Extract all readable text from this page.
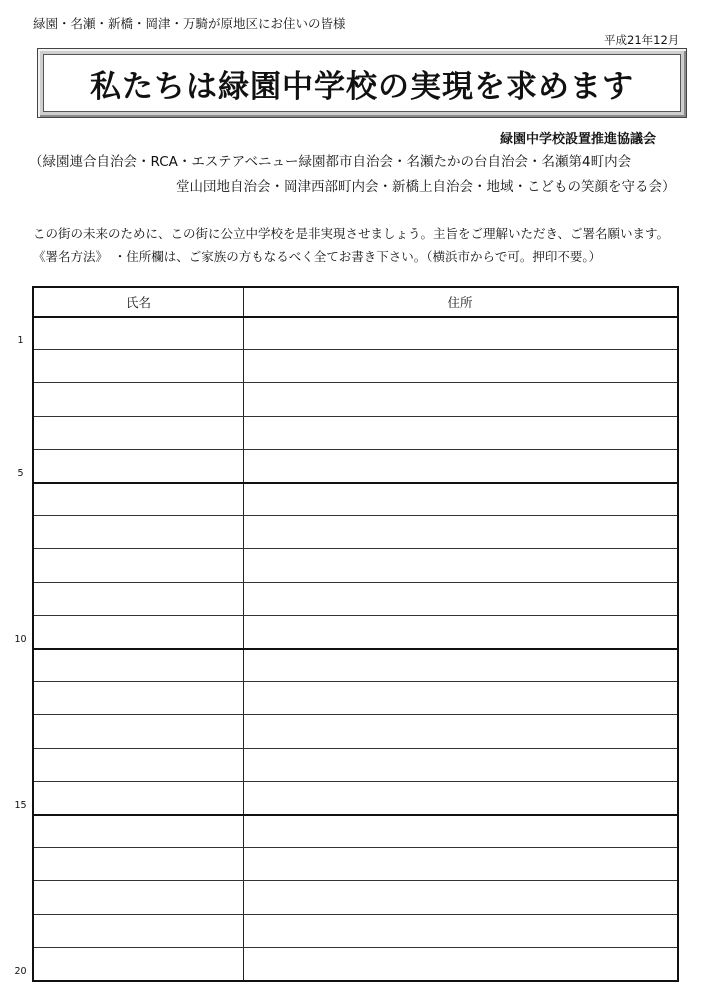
緑園・名瀬・新橋・岡津・万騎が原地区にお住いの皆様
平成21年12月
私たちは緑園中学校の実現を求めます
緑園中学校設置推進協議会
（緑園連合自治会・RCA・エステアベニュー緑園都市自治会・名瀬たかの台自治会・名瀬第4町内会
堂山団地自治会・岡津西部町内会・新橋上自治会・地域・こどもの笑顔を守る会）
この街の未来のために、この街に公立中学校を是非実現させましょう。主旨をご理解いただき、ご署名願います。
《署名方法》 ・住所欄は、ご家族の方もなるべく全てお書き下さい。（横浜市からで可。押印不要。）
氏名	住所
1
5
10
15
20
